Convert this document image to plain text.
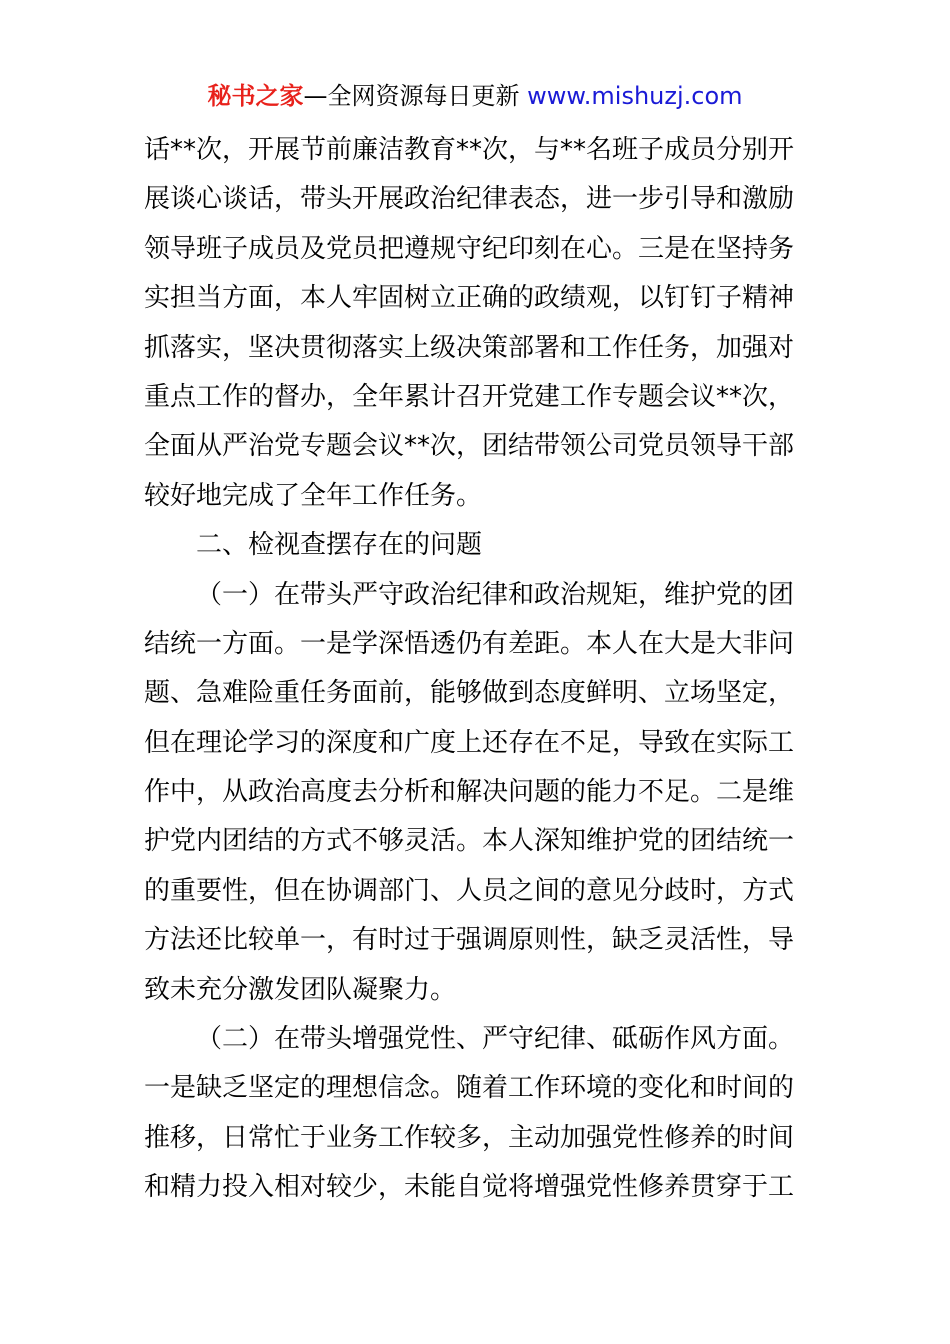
秘书之家—全网资源每日更新 www.mishuzj.com
话**次，开展节前廉洁教育**次，与**名班子成员分别开
展谈心谈话，带头开展政治纪律表态，进一步引导和激励
领导班子成员及党员把遵规守纪印刻在心。三是在坚持务
实担当方面，本人牢固树立正确的政绩观，以钉钉子精神
抓落实，坚决贯彻落实上级决策部署和工作任务，加强对
重点工作的督办，全年累计召开党建工作专题会议**次，
全面从严治党专题会议**次，团结带领公司党员领导干部
较好地完成了全年工作任务。
二、检视查摆存在的问题
（一）在带头严守政治纪律和政治规矩，维护党的团
结统一方面。一是学深悟透仍有差距。本人在大是大非问
题、急难险重任务面前，能够做到态度鲜明、立场坚定，
但在理论学习的深度和广度上还存在不足，导致在实际工
作中，从政治高度去分析和解决问题的能力不足。二是维
护党内团结的方式不够灵活。本人深知维护党的团结统一
的重要性，但在协调部门、人员之间的意见分歧时，方式
方法还比较单一，有时过于强调原则性，缺乏灵活性，导
致未充分激发团队凝聚力。
（二）在带头增强党性、严守纪律、砥砺作风方面。
一是缺乏坚定的理想信念。随着工作环境的变化和时间的
推移，日常忙于业务工作较多，主动加强党性修养的时间
和精力投入相对较少，未能自觉将增强党性修养贯穿于工
